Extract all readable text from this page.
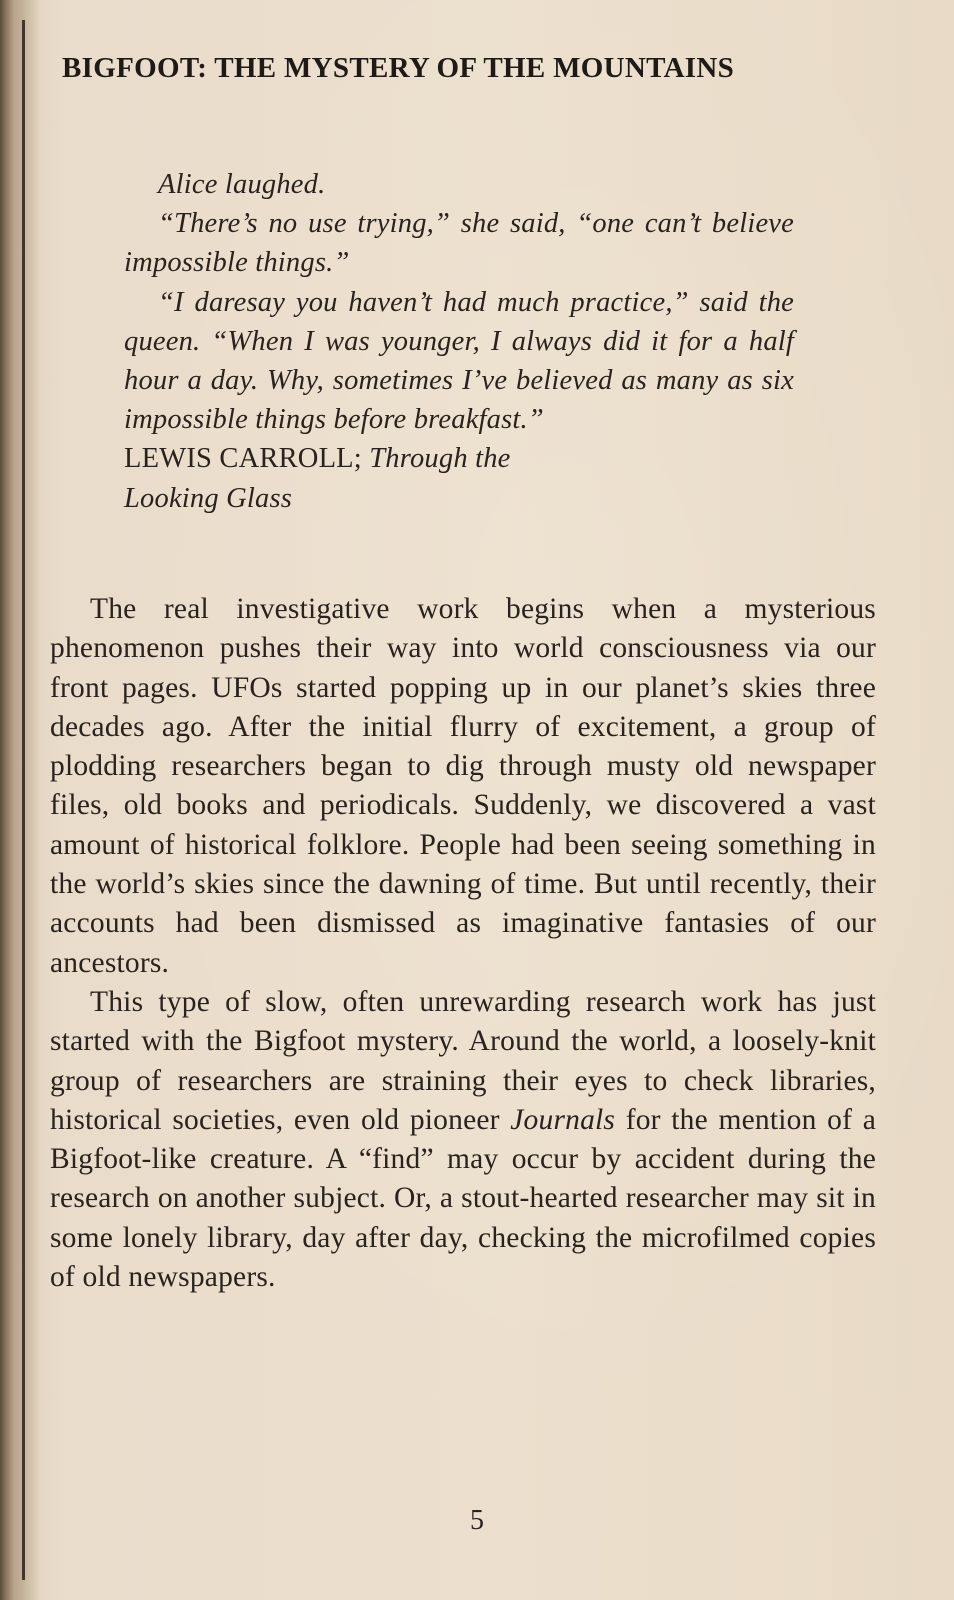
BIGFOOT: THE MYSTERY OF THE MOUNTAINS

Alice laughed.

“There’s no use trying,” she said, “one can’t believe impossible things.”

“I daresay you haven’t had much practice,” said the queen. “When I was younger, I always did it for a half hour a day. Why, sometimes I’ve believed as many as six impossible things before breakfast.”

LEWIS CARROLL; Through the

Looking Glass

The real investigative work begins when a mysterious phenomenon pushes their way into world consciousness via our front pages. UFOs started popping up in our planet’s skies three decades ago. After the initial flurry of excitement, a group of plodding researchers began to dig through musty old newspaper files, old books and periodicals. Suddenly, we discovered a vast amount of historical folklore. People had been seeing something in the world’s skies since the dawning of time. But until recently, their accounts had been dismissed as imaginative fantasies of our ancestors.

This type of slow, often unrewarding research work has just started with the Bigfoot mystery. Around the world, a loosely-knit group of researchers are straining their eyes to check libraries, historical societies, even old pioneer Journals for the mention of a Bigfoot-like creature. A “find” may occur by accident during the research on another subject. Or, a stout-hearted researcher may sit in some lonely library, day after day, checking the microfilmed copies of old newspapers.

5
